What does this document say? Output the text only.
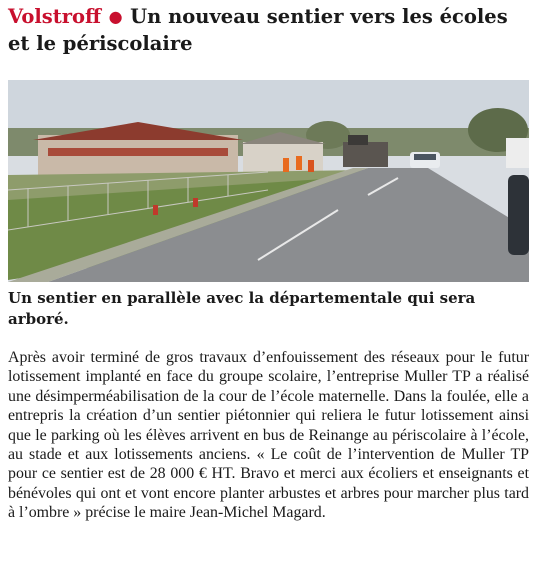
Volstroff ● Un nouveau sentier vers les écoles et le périscolaire

Un sentier en parallèle avec la départementale qui sera arboré.

Après avoir terminé de gros travaux d’enfouissement des réseaux pour le futur lotissement implanté en face du groupe scolaire, l’entreprise Muller TP a réalisé une désimperméabilisation de la cour de l’école maternelle. Dans la foulée, elle a entrepris la création d’un sentier piétonnier qui reliera le futur lotissement ainsi que le parking où les élèves arrivent en bus de Reinange au périscolaire à l’école, au stade et aux lotissements anciens. « Le coût de l’intervention de Muller TP pour ce sentier est de 28 000 € HT. Bravo et merci aux écoliers et enseignants et bénévoles qui ont et vont encore planter arbustes et arbres pour marcher plus tard à l’ombre » précise le maire Jean-Michel Magard.
